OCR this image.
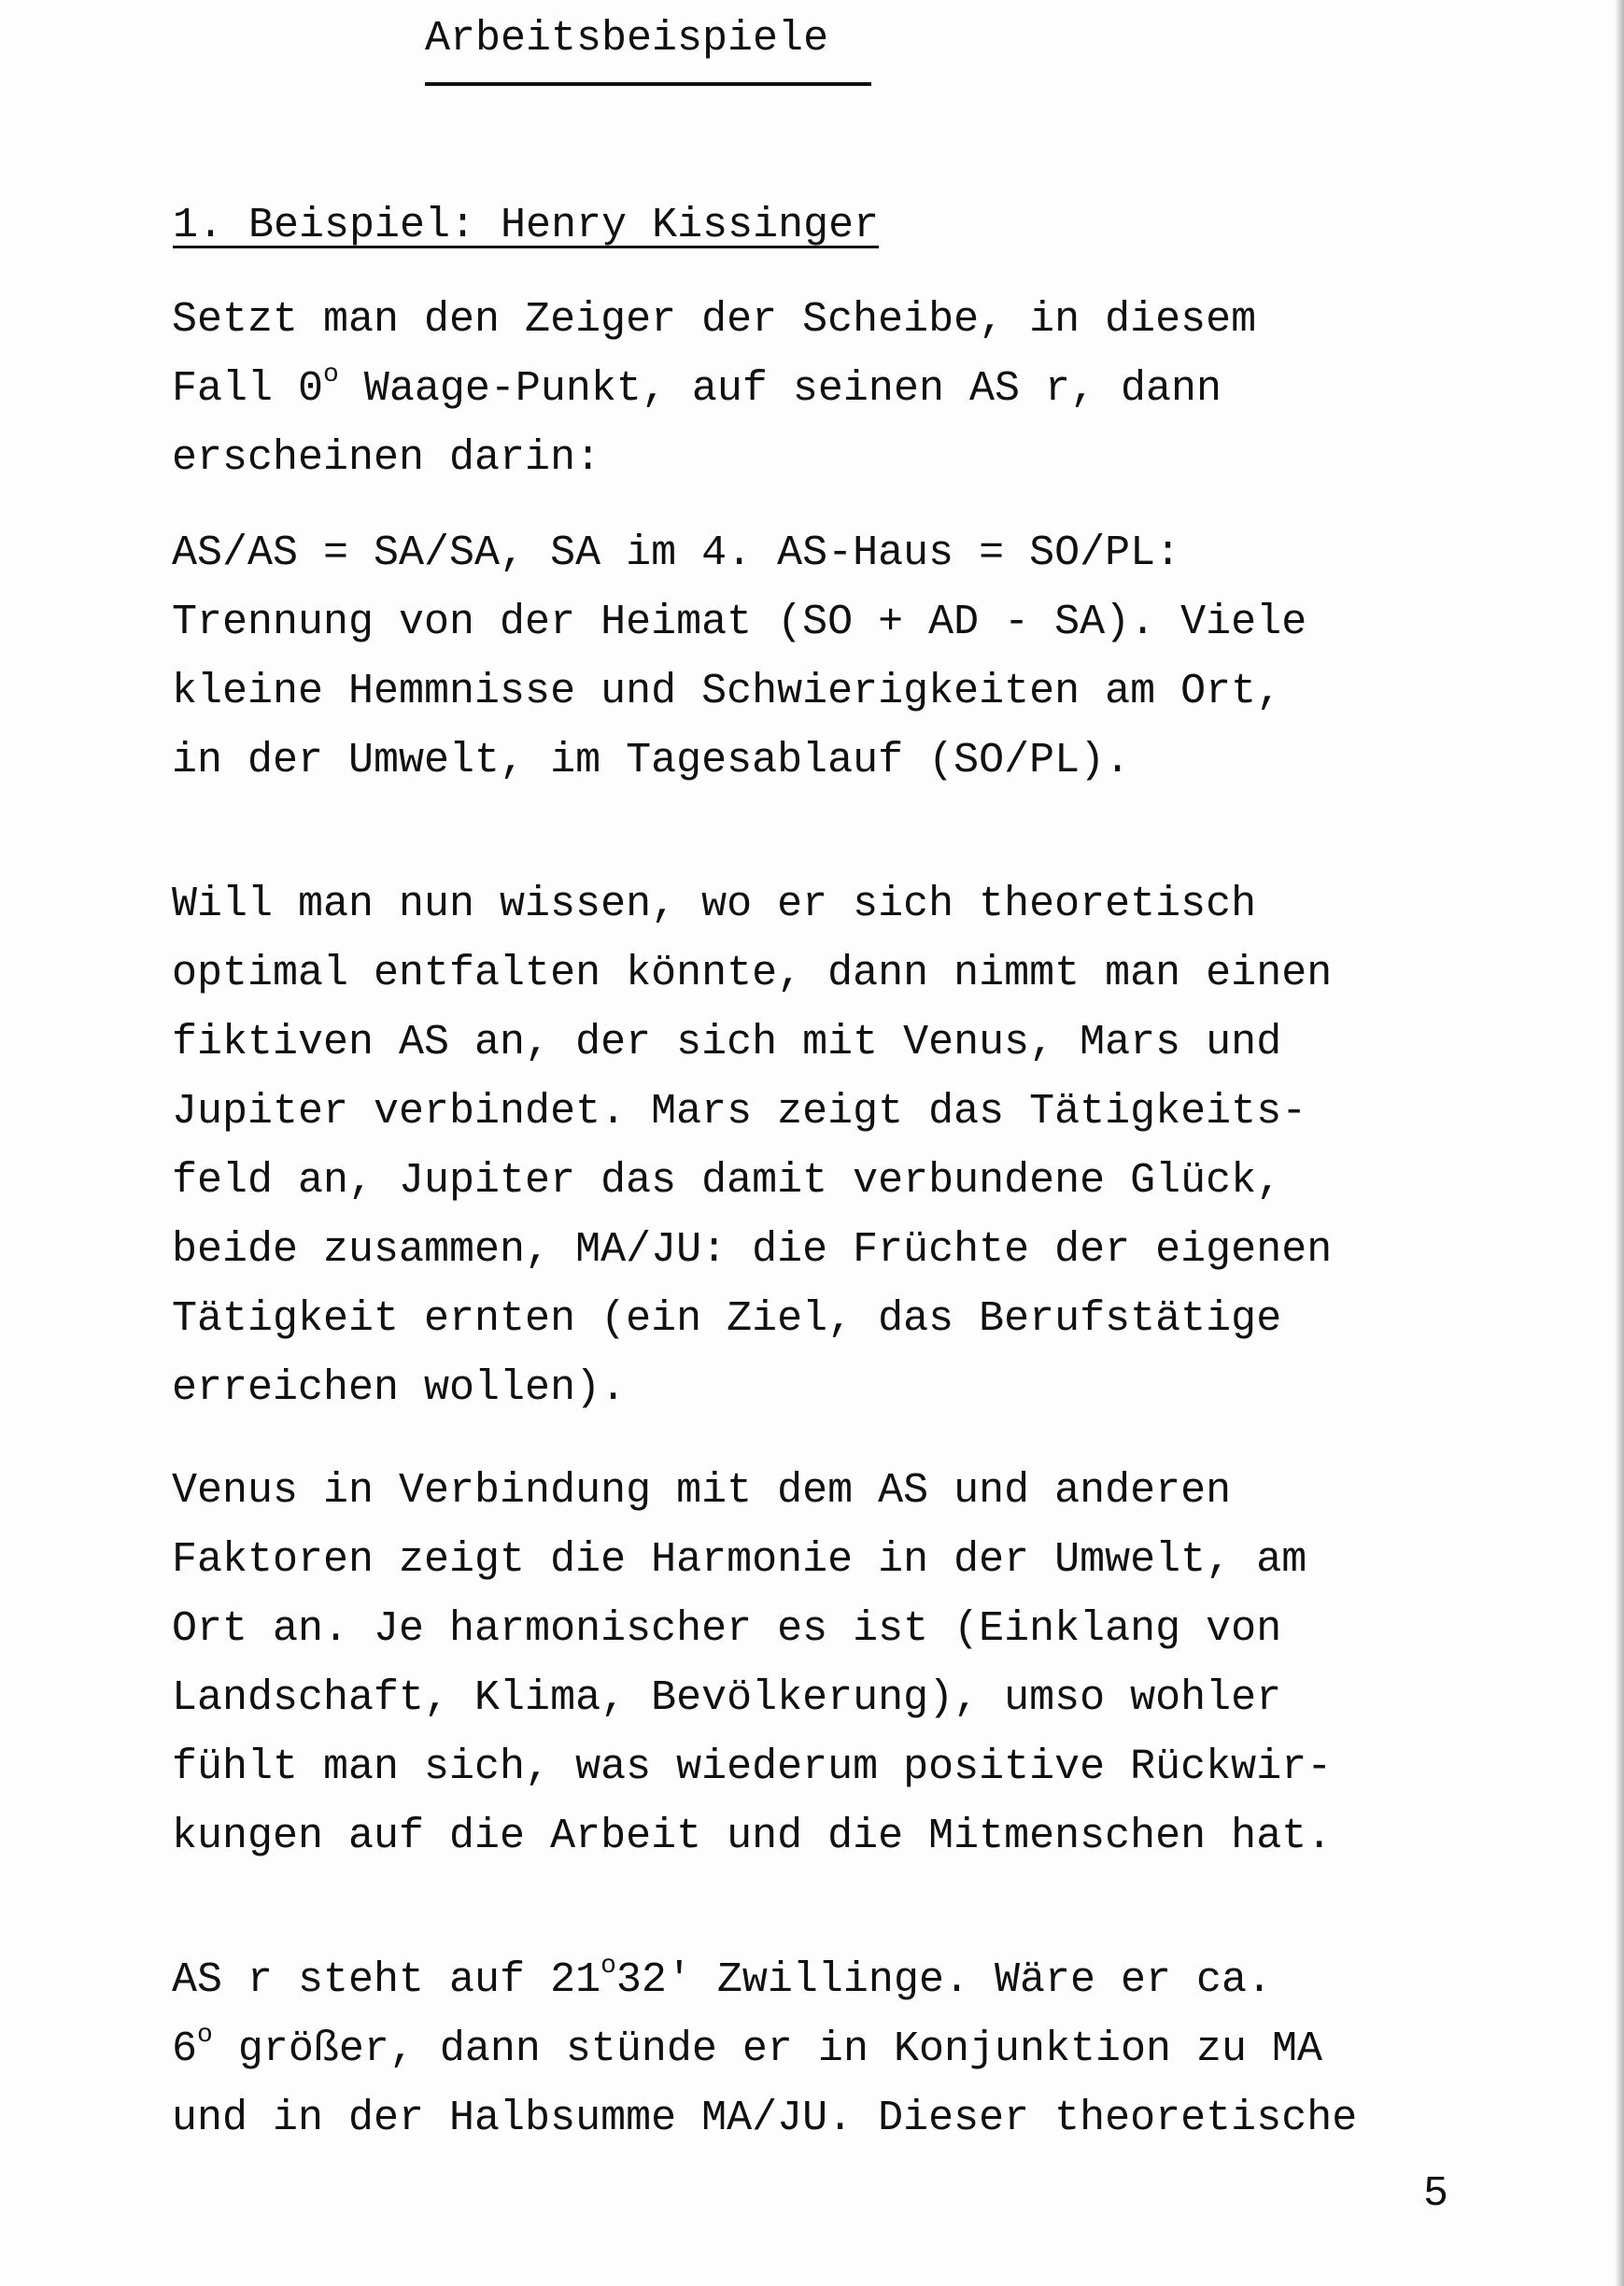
Arbeitsbeispiele
1. Beispiel: Henry Kissinger
Setzt man den Zeiger der Scheibe, in diesem
Fall 0$^o$ Waage-Punkt, auf seinen AS r, dann
erscheinen darin:
AS/AS = SA/SA, SA im 4. AS-Haus = SO/PL:
Trennung von der Heimat (SO + AD - SA). Viele
kleine Hemmnisse und Schwierigkeiten am Ort,
in der Umwelt, im Tagesablauf (SO/PL).
Will man nun wissen, wo er sich theoretisch
optimal entfalten könnte, dann nimmt man einen
fiktiven AS an, der sich mit Venus, Mars und
Jupiter verbindet. Mars zeigt das Tätigkeits-
feld an, Jupiter das damit verbundene Glück,
beide zusammen, MA/JU: die Früchte der eigenen
Tätigkeit ernten (ein Ziel, das Berufstätige
erreichen wollen).
Venus in Verbindung mit dem AS und anderen
Faktoren zeigt die Harmonie in der Umwelt, am
Ort an. Je harmonischer es ist (Einklang von
Landschaft, Klima, Bevölkerung), umso wohler
fühlt man sich, was wiederum positive Rückwir-
kungen auf die Arbeit und die Mitmenschen hat.
AS r steht auf 21$^o$32' Zwillinge. Wäre er ca.
6$^o$ größer, dann stünde er in Konjunktion zu MA
und in der Halbsumme MA/JU. Dieser theoretische
5
